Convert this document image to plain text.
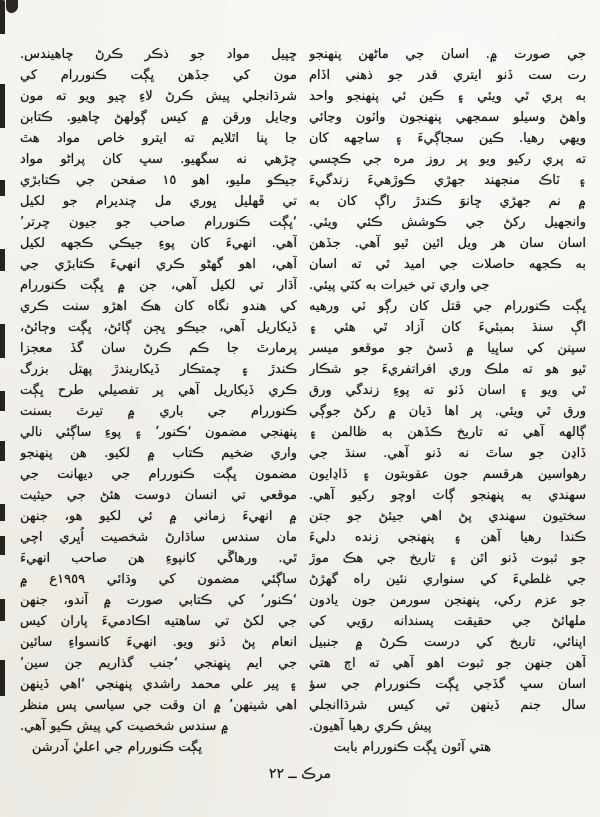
جي صورت ۾. اسان جي ماڻهن پنهنجو
رت ست ڏنو ايتري قدر جو ذهني اڏام
به ٻري ٿي ويئي ۽ ڪين ئي پنهنجو واحد
واهڻ وسيلو سمجهي پنهنجون واٽون وڃائي
ويهي رهيا. ڪين سجاڳيءَ ۽ ساڃهه کان
ته پري رکيو ويو پر روز مره جي ڪچسي
۽ ٽاڪ منجهند جهڙي ڪوڙهيءَ زندگيءَ
۾ نم جهڙي ڇانوَ ڪندڙ راڳ کان به
وانجهيل رکڻ جي ڪوشش ڪئي ويئي.
اسان سان هر ويل ائين ٿيو آهي. جڏهن
به ڪجهه حاصلات جي اميد ٿي ته اسان
جي واري تي خيرات به کٽي پيئي.
ڀڳت ڪنوررام جي قتل کان رڳو ٽي ورهيه
اڳ سنڌ بمبئيءَ کان آزاد ٿي هئي ۽
سپنن کي ساڀيا ۾ ڏسڻ جو موقعو ميسر
ٿيو هو ته ملڪ وري افراتفريءَ جو شڪار
ٿي ويو ۽ اسان ڏٺو ته پوءِ زندگي ورق
ورق ٿي ويئي. پر اها ڌيان ۾ رکڻ جوڳي
ڳالهه آهي ته تاريخ ڪڏهن به ظالمن ۽
ڏاڍن جو ساٿ نه ڏنو آهي. سنڌ جي
رهواسين هرقسم جون عقوبتون ۽ ڏاڍايون
سهندي به پنهنجو ڳاٽ اوچو رکيو آهي.
سختيون سهندي پڻ اهي جيئڻ جو جتن
ڪندا رهيا آهن ۽ پنهنجي زنده دليءَ
جو ثبوت ڏنو اٿن ۽ تاريخ جي هڪ موڙ
جي غلطيءَ کي سنواري نئين راه گهڙڻ
جو عزم رکي، پنهنجن سورمن جون يادون
ملهائڻ جي حقيقت پسندانه روَيي کي
اپنائي، تاريخ کي درست ڪرڻ ۾ جنبيل
آهن جنهن جو ثبوت اهو آهي ته اڄ هتي
اسان سڀ گڏجي ڀڳت ڪنوررام جي سؤ
سال جنم ڏينهن تي کيس شرڌاانجلي
پيش ڪري رهيا آهيون.
هتي آئون ڀڳت ڪنوررام بابت
ڇپيل مواد جو ذڪر ڪرڻ چاهيندس.
مون کي جڏهن ڀڳت ڪنوررام کي
شرڌانجلي پيش ڪرڻ لاءِ چيو ويو ته مون
وڃايل ورقن ۾ کيس ڳولهڻ چاهيو. ڪتابن
جا پنا اٿلايم ته ايترو خاص مواد هٿ
چڙهي نه سگهيو. سڀ کان پراڻو مواد
جيڪو مليو، اهو ١٥ صفحن جي ڪتابڙي
تي ڦهليل ڀوري مل چنديرام جو لکيل
‘ڀڳت ڪنوررام صاحب جو جيون چرتر’
آهي. انهيءَ کان پوءِ جيڪي ڪجهه لکيل
آهي، اهو گهڻو ڪري انهيءَ ڪتابڙي جي
آڌار تي لکيل آهي، جن ۾ ڀڳت ڪنوررام
کي هندو نگاه کان هڪ اهڙو سنت ڪري
ڏيکاريل آهي، جيڪو ڀڄن ڳائڻ، ڀڳت وڄائڻ،
پرمارٿ جا ڪم ڪرڻ سان گڏ معجزا
ڪندڙ ۽ چمتڪار ڏيکاريندڙ پهتل بزرگ
ڪري ڏيکاريل آهي پر تفصيلي طرح ڀڳت
ڪنوررام جي باري ۾ تيرٿ بسنت
پنهنجي مضمون ‘ڪنور’ ۽ پوءِ ساڳئي نالي
واري ضخيم ڪتاب ۾ لکيو. هن پنهنجو
مضمون ڀڳت ڪنوررام جي ديهانت جي
موقعي تي انسان دوست هئڻ جي حيثيت
۾ انهيءَ زماني ۾ ئي لکيو هو، جنهن
مان سندس ساڌارڻ شخصيت اُڀري اچي
ٿي. ورهاڱي کانپوءِ هن صاحب انهيءَ
ساڳئي مضمون کي وڌائي ١٩٥٩ع ۾
‘ڪنور’ کي ڪتابي صورت ۾ آندو، جنهن
جي لکڻ تي ساهتيه اڪادميءَ پاران کيس
انعام پڻ ڏنو ويو. انهيءَ کانسواءِ سائين
جي ايم پنهنجي ‘جنب گذاريم جن سين’
۽ پير علي محمد راشدي پنهنجي ‘اهي ڏينهن
اهي شينهن’ ۾ ان وقت جي سياسي پس منظر
۾ سندس شخصيت کي پيش ڪيو آهي.
ڀڳت ڪنوررام جي اعليٰ آدرشن
مرڪ ــ ٢٢
